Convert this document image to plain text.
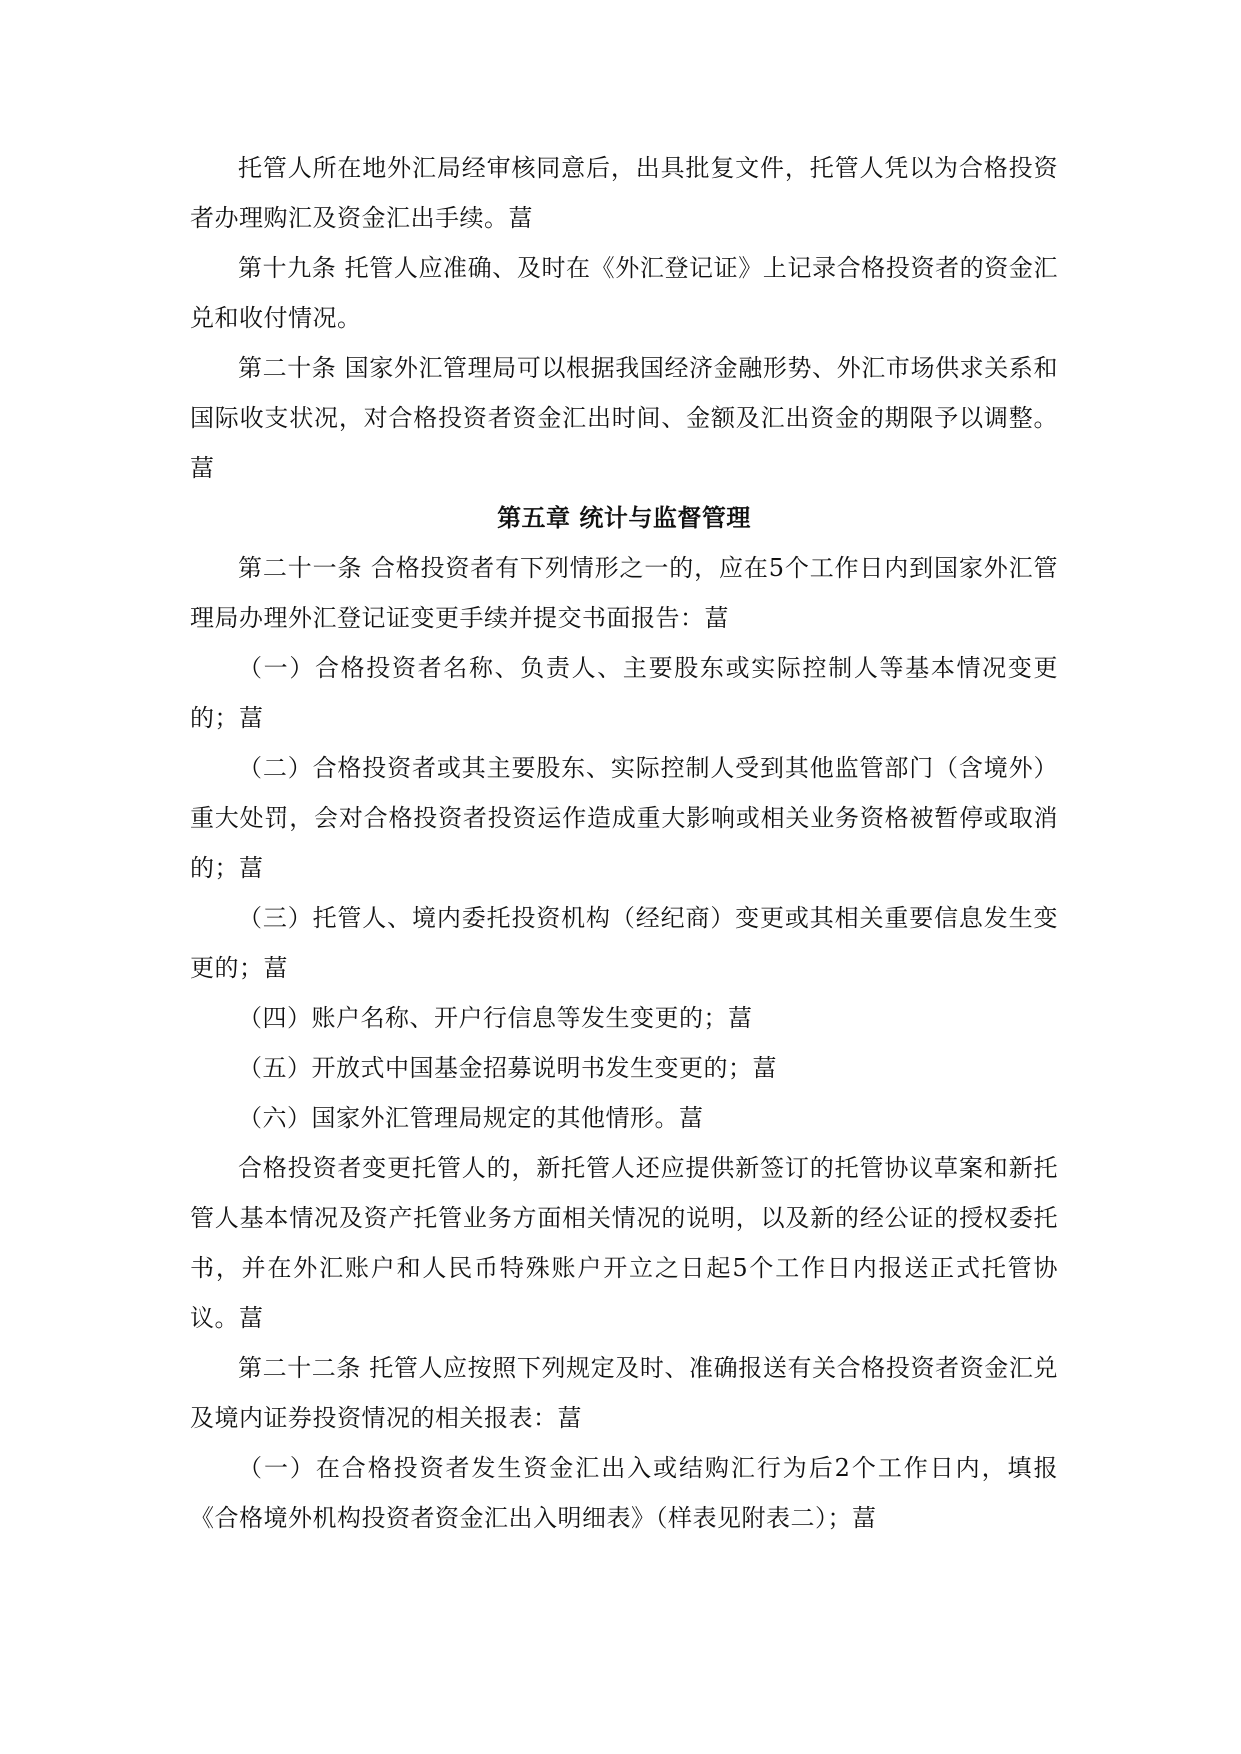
托管人所在地外汇局经审核同意后，出具批复文件，托管人凭以为合格投资者办理购汇及资金汇出手续。葍

第十九条 托管人应准确、及时在《外汇登记证》上记录合格投资者的资金汇兑和收付情况。

第二十条 国家外汇管理局可以根据我国经济金融形势、外汇市场供求关系和国际收支状况，对合格投资者资金汇出时间、金额及汇出资金的期限予以调整。葍

第五章 统计与监督管理

第二十一条 合格投资者有下列情形之一的，应在5个工作日内到国家外汇管理局办理外汇登记证变更手续并提交书面报告：葍

（一）合格投资者名称、负责人、主要股东或实际控制人等基本情况变更的；葍

（二）合格投资者或其主要股东、实际控制人受到其他监管部门（含境外）重大处罚，会对合格投资者投资运作造成重大影响或相关业务资格被暂停或取消的；葍

（三）托管人、境内委托投资机构（经纪商）变更或其相关重要信息发生变更的；葍

（四）账户名称、开户行信息等发生变更的；葍

（五）开放式中国基金招募说明书发生变更的；葍

（六）国家外汇管理局规定的其他情形。葍

合格投资者变更托管人的，新托管人还应提供新签订的托管协议草案和新托管人基本情况及资产托管业务方面相关情况的说明，以及新的经公证的授权委托书，并在外汇账户和人民币特殊账户开立之日起5个工作日内报送正式托管协议。葍

第二十二条 托管人应按照下列规定及时、准确报送有关合格投资者资金汇兑及境内证券投资情况的相关报表：葍

（一）在合格投资者发生资金汇出入或结购汇行为后2个工作日内，填报《合格境外机构投资者资金汇出入明细表》（样表见附表二）；葍
